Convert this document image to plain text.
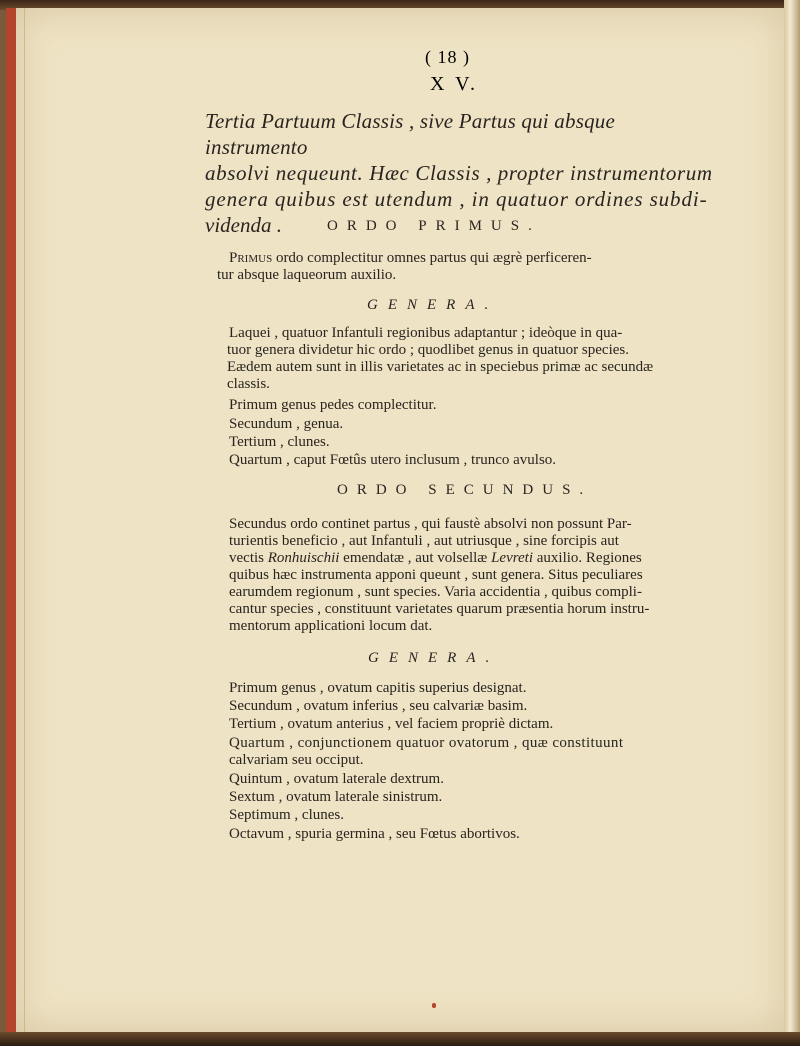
( 18 )
X V.
Tertia Partuum Classis , sive Partus qui absque instrumento
absolvi nequeunt. Hæc Classis , propter instrumentorum
genera quibus est utendum , in quatuor ordines subdi-
videnda .	ORDO PRIMUS.
Primus ordo complectitur omnes partus qui ægrè perficeren-
tur absque laqueorum auxilio.
GENERA.
Laquei , quatuor Infantuli regionibus adaptantur ; ideòque in qua-
tuor genera dividetur hic ordo ; quodlibet genus in quatuor species.
Eædem autem sunt in illis varietates ac in speciebus primæ ac secundæ
classis.
Primum genus pedes complectitur.
Secundum , genua.
Tertium , clunes.
Quartum , caput Fœtûs utero inclusum , trunco avulso.
ORDO SECUNDUS.
Secundus ordo continet partus , qui faustè absolvi non possunt Par-
turientis beneficio , aut Infantuli , aut utriusque , sine forcipis aut
vectis Ronhuischii emendatæ , aut volsellæ Levreti auxilio. Regiones
quibus hæc instrumenta apponi queunt , sunt genera. Situs peculiares
earumdem regionum , sunt species. Varia accidentia , quibus compli-
cantur species , constituunt varietates quarum præsentia horum instru-
mentorum applicationi locum dat.
GENERA.
Primum genus , ovatum capitis superius designat.
Secundum , ovatum inferius , seu calvariæ basim.
Tertium , ovatum anterius , vel faciem propriè dictam.
Quartum , conjunctionem quatuor ovatorum , quæ constituunt
calvariam seu occiput.
Quintum , ovatum laterale dextrum.
Sextum , ovatum laterale sinistrum.
Septimum , clunes.
Octavum , spuria germina , seu Fœtus abortivos.
